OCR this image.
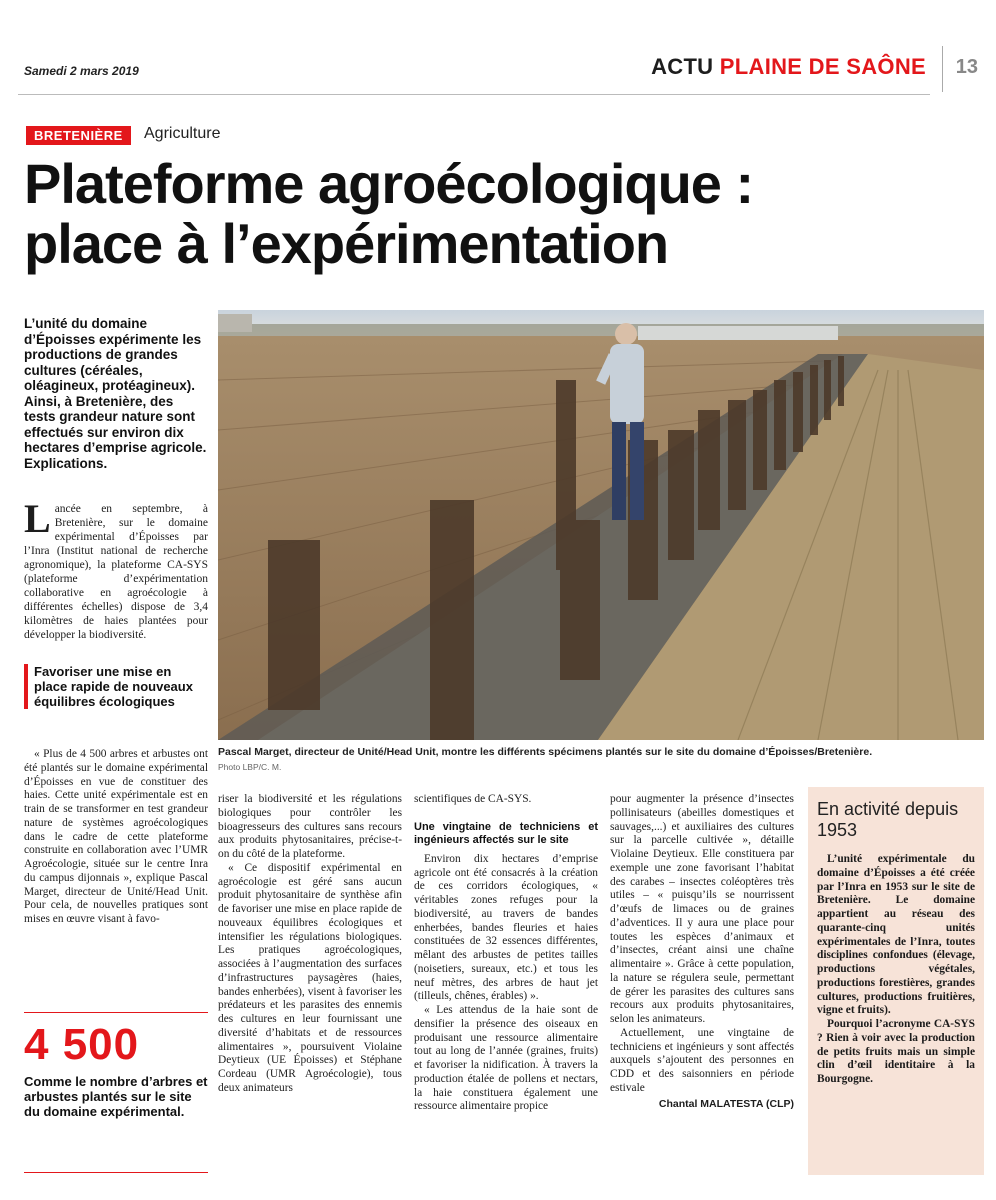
Samedi 2 mars 2019	ACTU PLAINE DE SAÔNE 13
BRETENIÈRE	Agriculture
Plateforme agroécologique :
place à l’expérimentation
L’unité du domaine d’Époisses expérimente les productions de grandes cultures (céréales, oléagineux, protéagineux). Ainsi, à Breteniѐre, des tests grandeur nature sont effectués sur environ dix hectares d’emprise agricole. Explications.
Lancée en septembre, à Breteniѐre, sur le domaine expérimental d’Époisses par l’Inra (Institut national de recherche agronomique), la plateforme CA-SYS (plateforme d’expérimentation collaborative en agroécologie à différentes échelles) dispose de 3,4 kilomètres de haies plantées pour développer la biodiversité.
Favoriser une mise en place rapide de nouveaux équilibres écologiques
Pascal Marget, directeur de Unité/Head Unit, montre les différents spécimens plantés sur le site du domaine d’Époisses/Bretenière.
Photo LBP/C. M.

« Plus de 4 500 arbres et arbustes ont été plantés sur le domaine expérimental d’Époisses en vue de constituer des haies. Cette unité expérimentale est en train de se transformer en test grandeur nature de systèmes agroécologiques dans le cadre de cette plateforme construite en collaboration avec l’UMR Agroécologie, située sur le centre Inra du campus dijonnais », explique Pascal Marget, directeur de Unité/Head Unit. Pour cela, de nouvelles pratiques sont mises en œuvre visant à favo-

riser la biodiversité et les régulations biologiques pour contrôler les bioagresseurs des cultures sans recours aux produits phytosanitaires, précise-t-on du côté de la plateforme.

« Ce dispositif expérimental en agroécologie est géré sans aucun produit phytosanitaire de synthèse afin de favoriser une mise en place rapide de nouveaux équilibres écologiques et intensifier les régulations biologiques. Les pratiques agroécologiques, associées à l’augmentation des surfaces d’infrastructures paysagères (haies, bandes enherbées), visent à favoriser les prédateurs et les parasites des ennemis des cultures en leur fournissant une diversité d’habitats et de ressources alimentaires », poursuivent Violaine Deytieux (UE Époisses) et Stéphane Cordeau (UMR Agroécologie), tous deux animateurs

scientifiques de CA-SYS.

Une vingtaine de techniciens et ingénieurs affectés sur le site

Environ dix hectares d’emprise agricole ont été consacrés à la création de ces corridors écologiques, « véritables zones refuges pour la biodiversité, au travers de bandes enherbées, bandes fleuries et haies constituées de 32 essences différentes, mêlant des arbustes de petites tailles (noisetiers, sureaux, etc.) et tous les neuf mètres, des arbres de haut jet (tilleuls, chênes, érables) ».

« Les attendus de la haie sont de densifier la présence des oiseaux en produisant une ressource alimentaire tout au long de l’année (graines, fruits) et favoriser la nidification. À travers la production étalée de pollens et nectars, la haie constituera également une ressource alimentaire propice

pour augmenter la présence d’insectes pollinisateurs (abeilles domestiques et sauvages,...) et auxiliaires des cultures sur la parcelle cultivée », détaille Violaine Deytieux. Elle constituera par exemple une zone favorisant l’habitat des carabes – insectes coléoptères très utiles – « puisqu’ils se nourrissent d’œufs de limaces ou de graines d’adventices. Il y aura une place pour toutes les espèces d’animaux et d’insectes, créant ainsi une chaîne alimentaire ». Grâce à cette population, la nature se régulera seule, permettant de gérer les parasites des cultures sans recours aux produits phytosanitaires, selon les animateurs.

Actuellement, une vingtaine de techniciens et ingénieurs y sont affectés auxquels s’ajoutent des personnes en CDD et des saisonniers en période estivale

Chantal MALATESTA (CLP)
4 500
Comme le nombre d’arbres et arbustes plantés sur le site du domaine expérimental.
En activité depuis 1953

L’unité expérimentale du domaine d’Époisses a été créée par l’Inra en 1953 sur le site de Bretenière. Le domaine appartient au réseau des quarante-cinq unités expérimentales de l’Inra, toutes disciplines confondues (élevage, productions végétales, productions forestières, grandes cultures, productions fruitières, vigne et fruits).

Pourquoi l’acronyme CA-SYS ? Rien à voir avec la production de petits fruits mais un simple clin d’œil identitaire à la Bourgogne.
